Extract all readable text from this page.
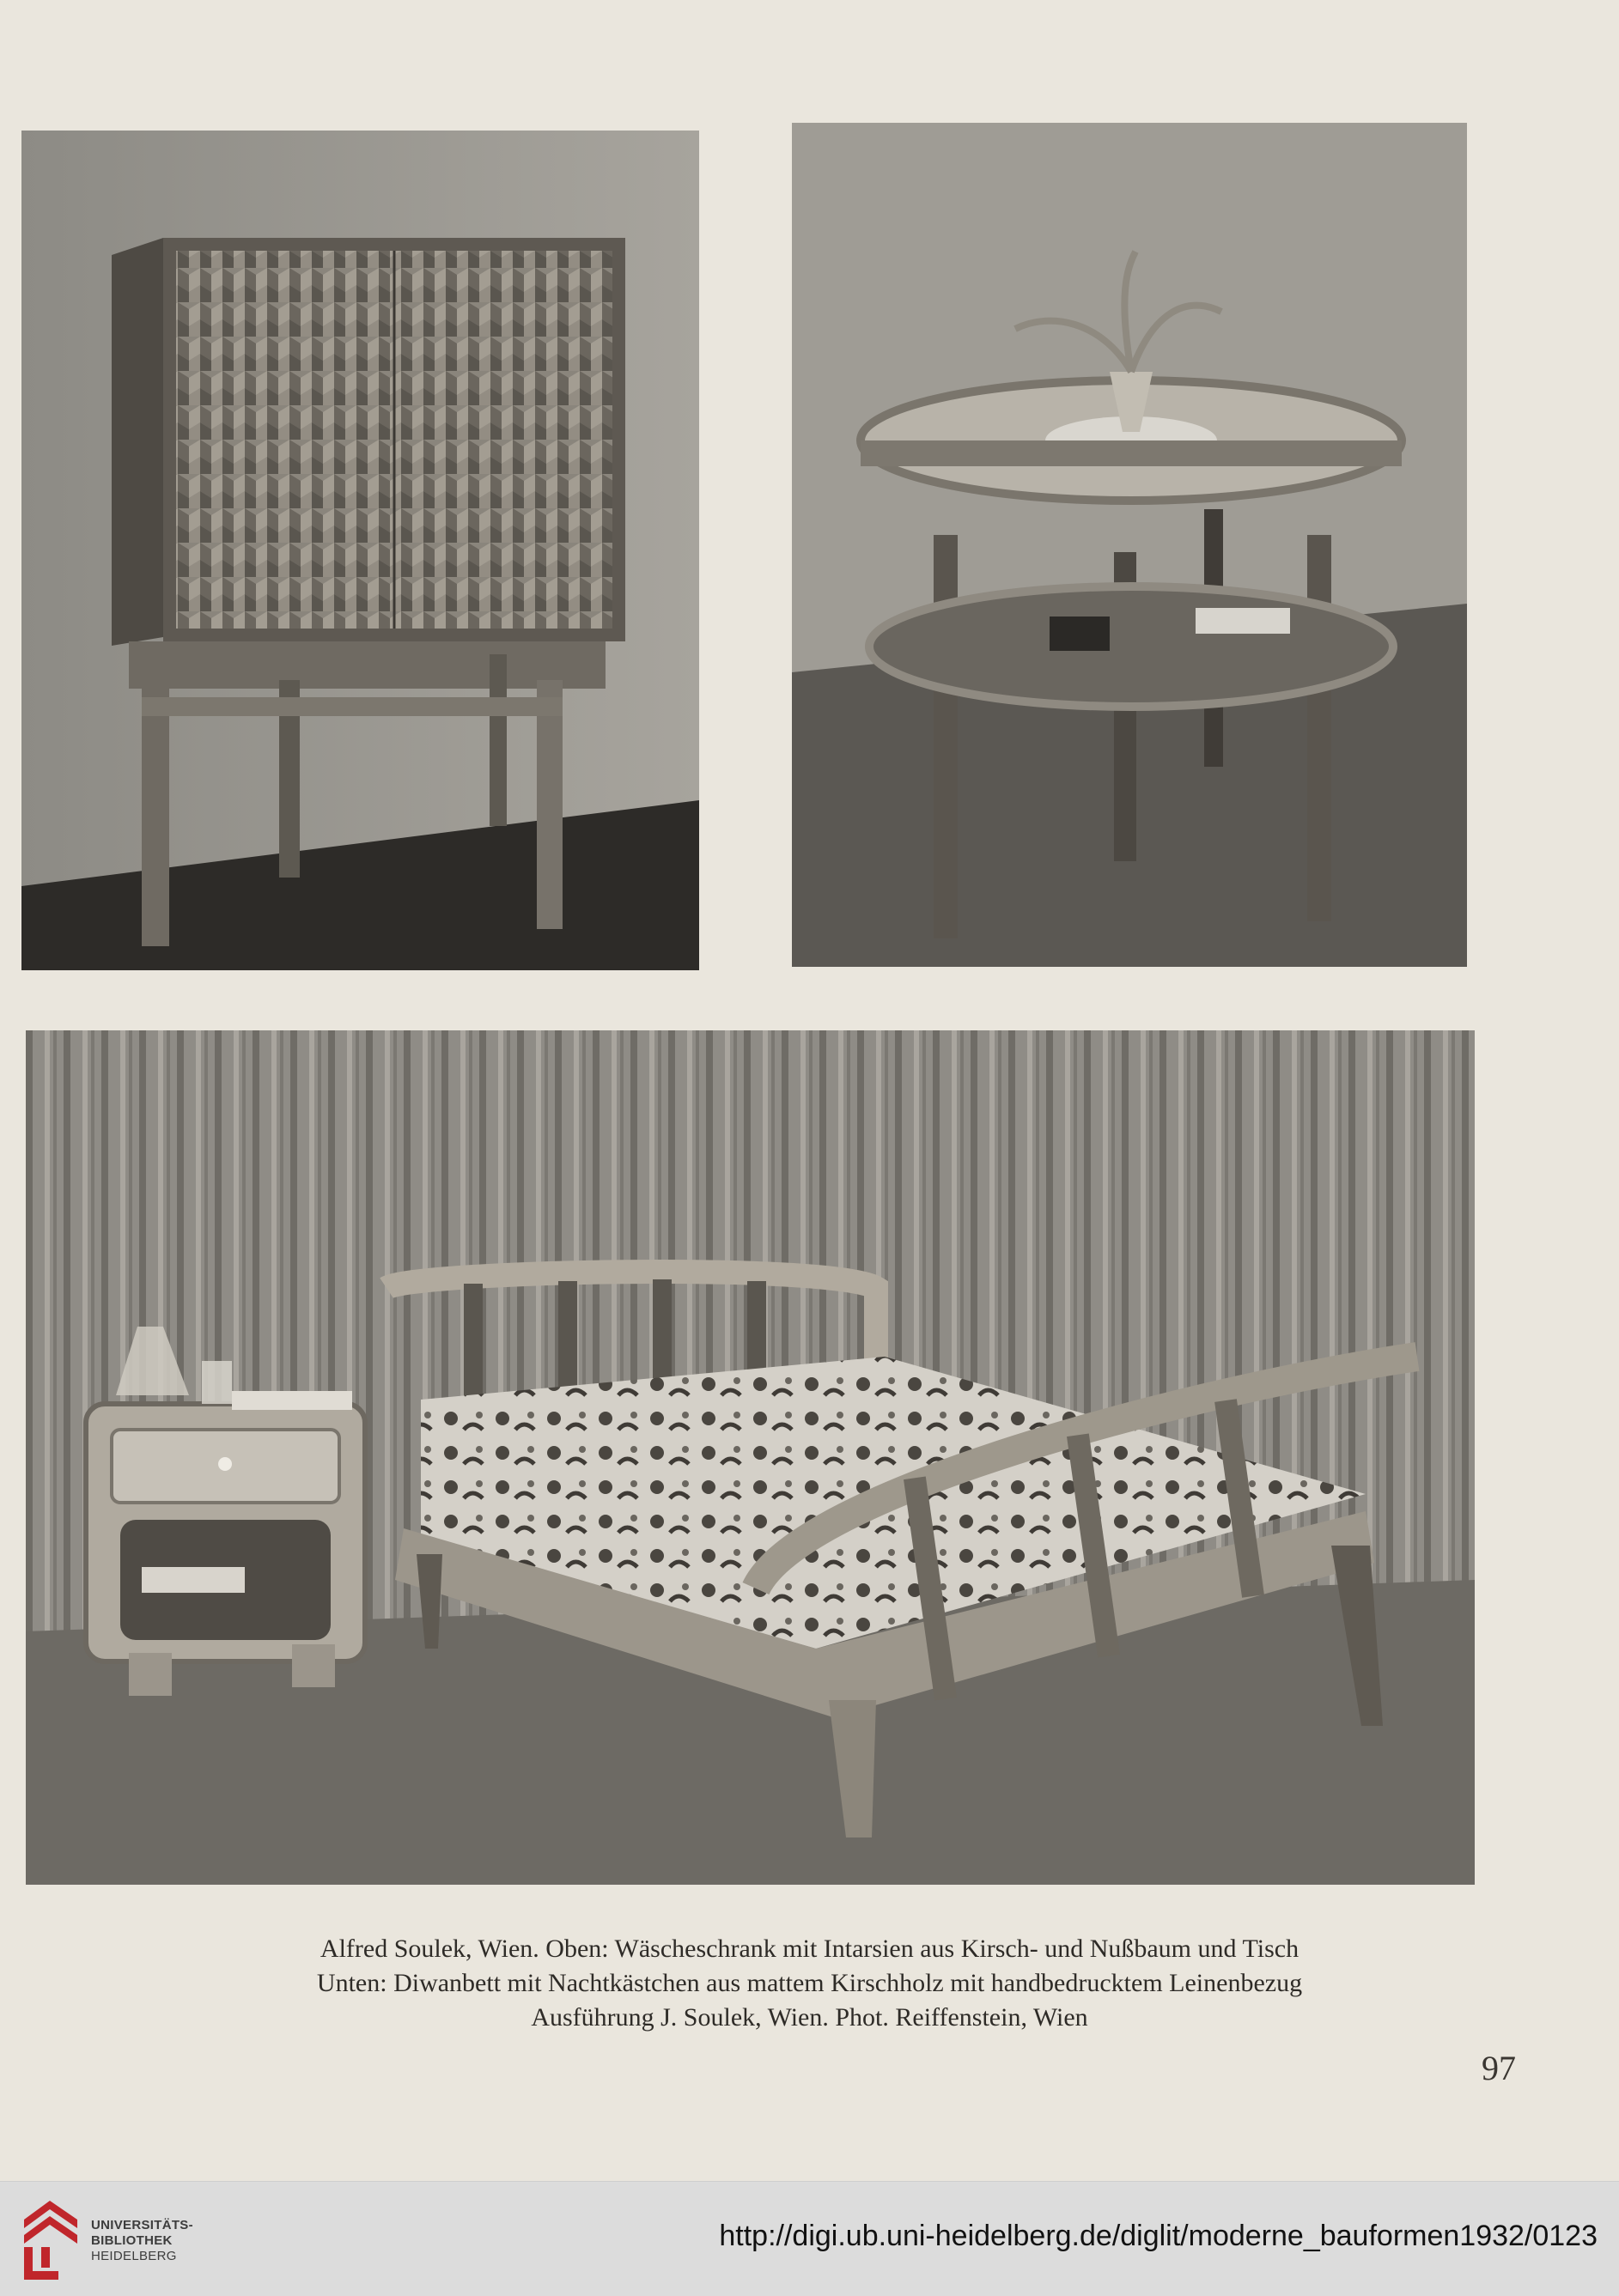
Alfred Soulek, Wien. Oben: Wäscheschrank mit Intarsien aus Kirsch- und Nußbaum und Tisch
Unten: Diwanbett mit Nachtkästchen aus mattem Kirschholz mit handbedrucktem Leinenbezug
Ausführung J. Soulek, Wien. Phot. Reiffenstein, Wien
97
UNIVERSITÄTS-
BIBLIOTHEK
HEIDELBERG
http://digi.ub.uni-heidelberg.de/diglit/moderne_bauformen1932/0123
